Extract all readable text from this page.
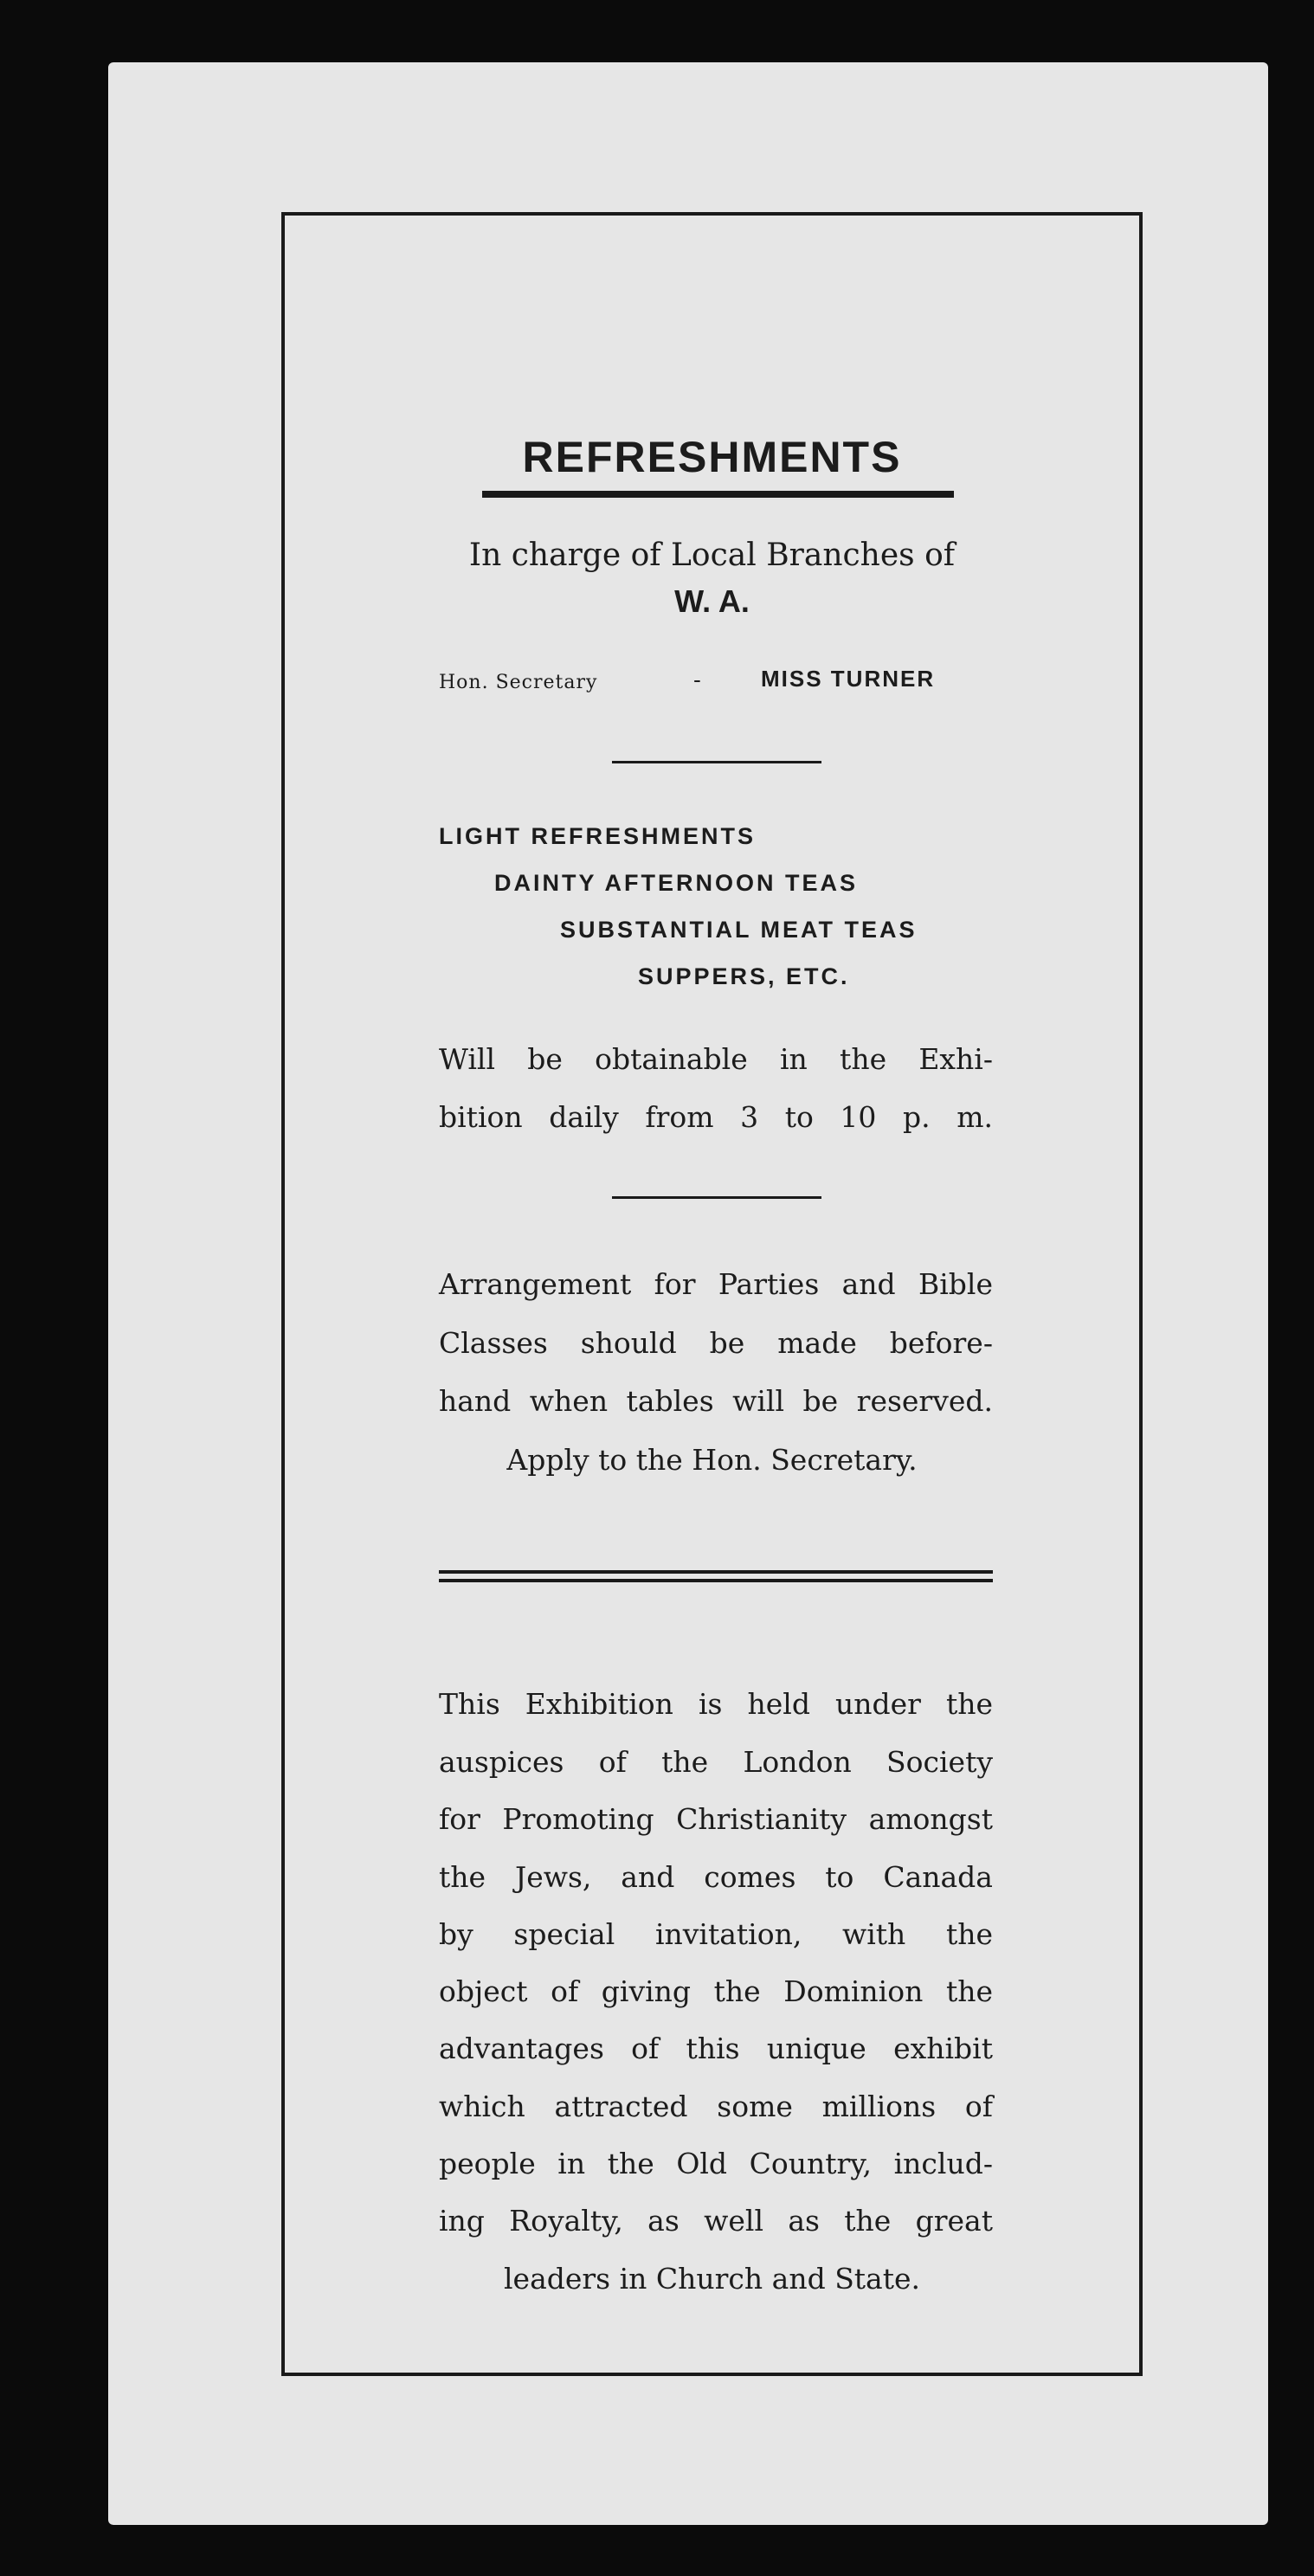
REFRESHMENTS
In charge of Local Branches of
W. A.
Hon. Secretary	-	MISS TURNER
LIGHT REFRESHMENTS
DAINTY AFTERNOON TEAS
SUBSTANTIAL MEAT TEAS
SUPPERS, ETC.
Will be obtainable in the Exhi-
bition daily from 3 to 10 p. m.
Arrangement for Parties and Bible
Classes should be made before-
hand when tables will be reserved.
Apply to the Hon. Secretary.
This Exhibition is held under the
auspices of the London Society
for Promoting Christianity amongst
the Jews, and comes to Canada
by special invitation, with the
object of giving the Dominion the
advantages of this unique exhibit
which attracted some millions of
people in the Old Country, includ-
ing Royalty, as well as the great
leaders in Church and State.
